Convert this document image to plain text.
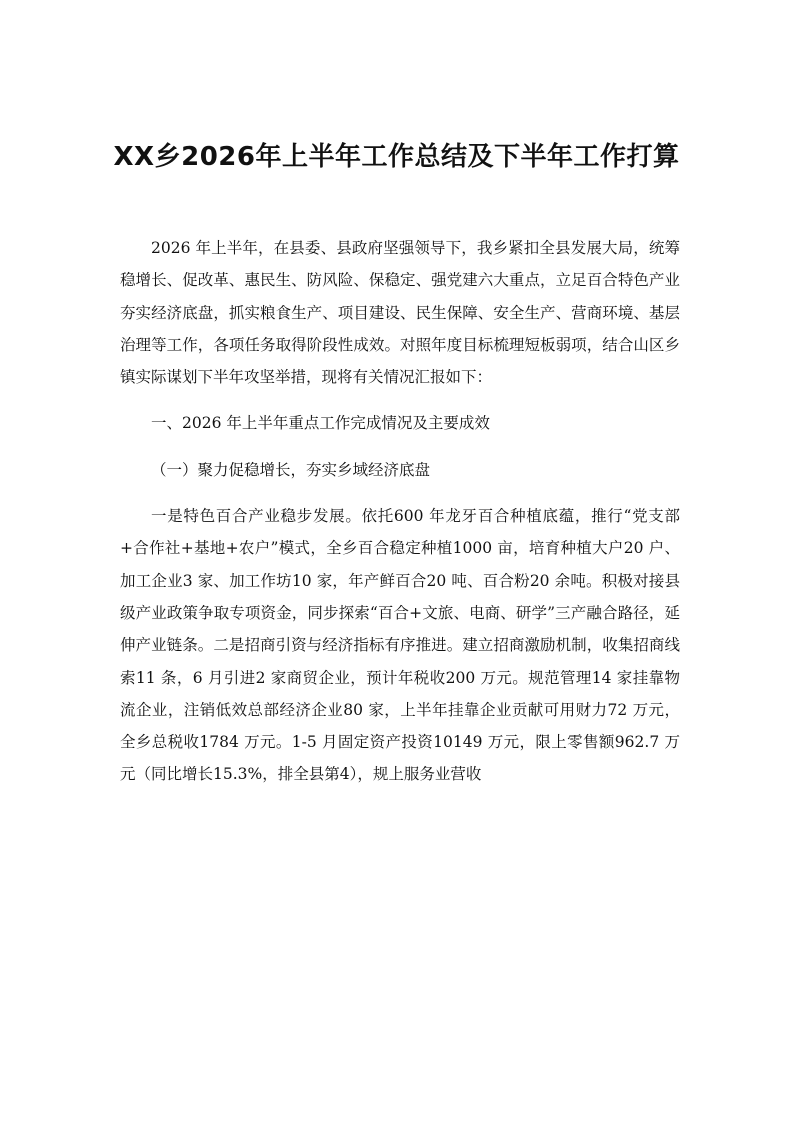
XX乡2026年上半年工作总结及下半年工作打算

2026 年上半年，在县委、县政府坚强领导下，我乡紧扣全县发展大局，统筹稳增长、促改革、惠民生、防风险、保稳定、强党建六大重点，立足百合特色产业夯实经济底盘，抓实粮食生产、项目建设、民生保障、安全生产、营商环境、基层治理等工作，各项任务取得阶段性成效。对照年度目标梳理短板弱项，结合山区乡镇实际谋划下半年攻坚举措，现将有关情况汇报如下：

一、2026 年上半年重点工作完成情况及主要成效

（一）聚力促稳增长，夯实乡域经济底盘

一是特色百合产业稳步发展。依托600 年龙牙百合种植底蕴，推行“党支部+合作社+基地+农户”模式，全乡百合稳定种植1000 亩，培育种植大户20 户、加工企业3 家、加工作坊10 家，年产鲜百合20 吨、百合粉20 余吨。积极对接县级产业政策争取专项资金，同步探索“百合+文旅、电商、研学”三产融合路径，延伸产业链条。二是招商引资与经济指标有序推进。建立招商激励机制，收集招商线索11 条，6 月引进2 家商贸企业，预计年税收200 万元。规范管理14 家挂靠物流企业，注销低效总部经济企业80 家，上半年挂靠企业贡献可用财力72 万元，全乡总税收1784 万元。1-5 月固定资产投资10149 万元，限上零售额962.7 万元（同比增长15.3%，排全县第4），规上服务业营收
